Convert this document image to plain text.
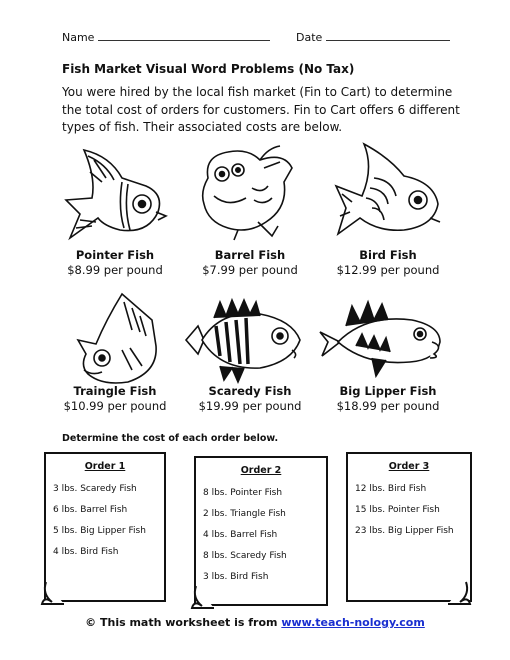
Name	Date
Fish Market Visual Word Problems (No Tax)
You were hired by the local fish market (Fin to Cart) to determine the total cost of orders for customers. Fin to Cart offers 6 different types of fish. Their associated costs are below.
Pointer Fish
$8.99 per pound
Barrel Fish
$7.99 per pound
Bird Fish
$12.99 per pound
Traingle Fish
$10.99 per pound
Scaredy Fish
$19.99 per pound
Big Lipper Fish
$18.99 per pound
Determine the cost of each order below.
Order 1
3 lbs. Scaredy Fish
6 lbs. Barrel Fish
5 lbs. Big Lipper Fish
4 lbs. Bird Fish
Order 2
8 lbs. Pointer Fish
2 lbs. Triangle Fish
4 lbs. Barrel Fish
8 lbs. Scaredy Fish
3 lbs. Bird Fish
Order 3
12 lbs. Bird Fish
15 lbs. Pointer Fish
23 lbs. Big Lipper Fish
© This math worksheet is from www.teach-nology.com
